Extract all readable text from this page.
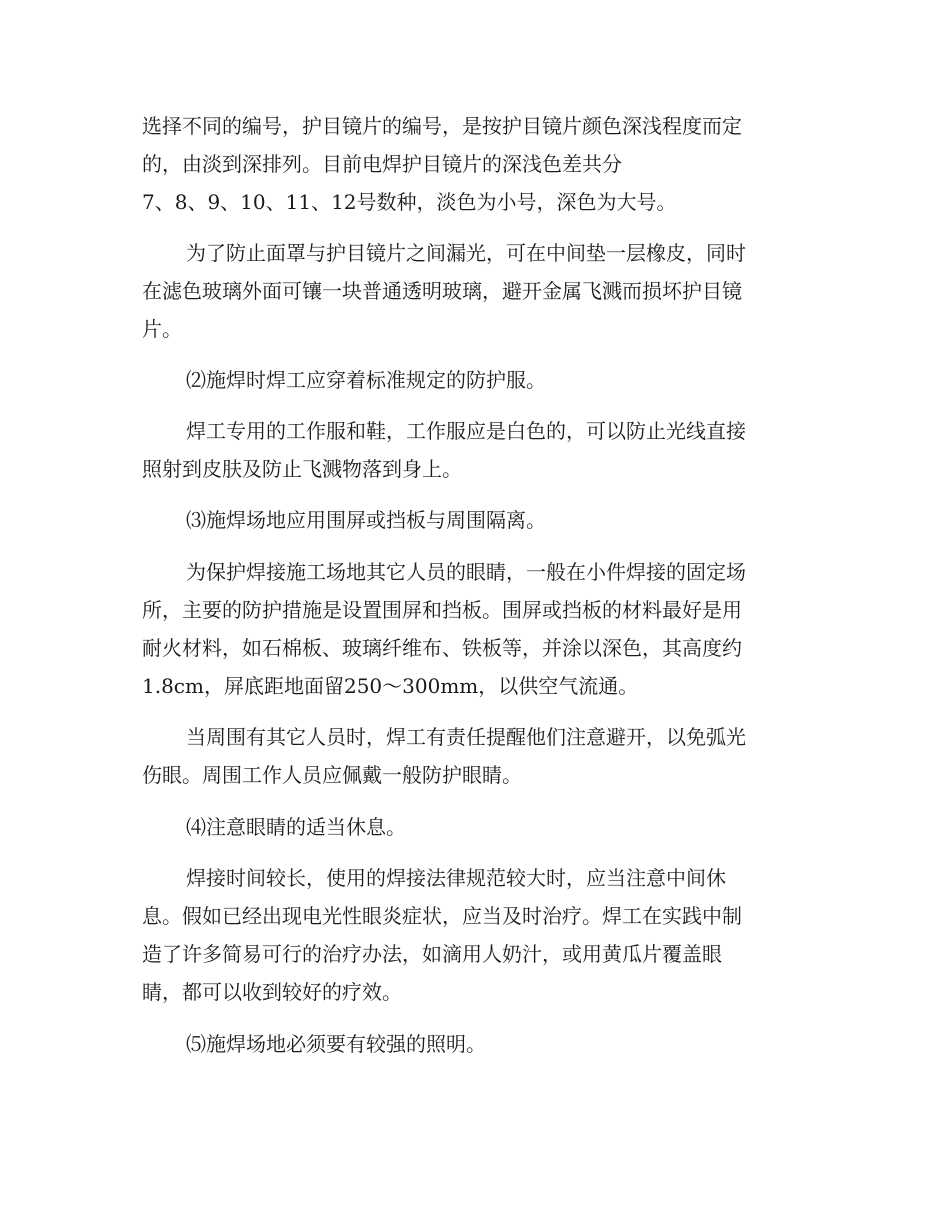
选择不同的编号，护目镜片的编号，是按护目镜片颜色深浅程度而定
的，由淡到深排列。目前电焊护目镜片的深浅色差共分
7、8、9、10、11、12号数种，淡色为小号，深色为大号。
为了防止面罩与护目镜片之间漏光，可在中间垫一层橡皮，同时
在滤色玻璃外面可镶一块普通透明玻璃，避开金属飞溅而损坏护目镜
片。
⑵施焊时焊工应穿着标准规定的防护服。
焊工专用的工作服和鞋，工作服应是白色的，可以防止光线直接
照射到皮肤及防止飞溅物落到身上。
⑶施焊场地应用围屏或挡板与周围隔离。
为保护焊接施工场地其它人员的眼睛，一般在小件焊接的固定场
所，主要的防护措施是设置围屏和挡板。围屏或挡板的材料最好是用
耐火材料，如石棉板、玻璃纤维布、铁板等，并涂以深色，其高度约
1.8cm，屏底距地面留250～300mm，以供空气流通。
当周围有其它人员时，焊工有责任提醒他们注意避开，以免弧光
伤眼。周围工作人员应佩戴一般防护眼睛。
⑷注意眼睛的适当休息。
焊接时间较长，使用的焊接法律规范较大时，应当注意中间休
息。假如已经出现电光性眼炎症状，应当及时治疗。焊工在实践中制
造了许多简易可行的治疗办法，如滴用人奶汁，或用黄瓜片覆盖眼
睛，都可以收到较好的疗效。
⑸施焊场地必须要有较强的照明。
